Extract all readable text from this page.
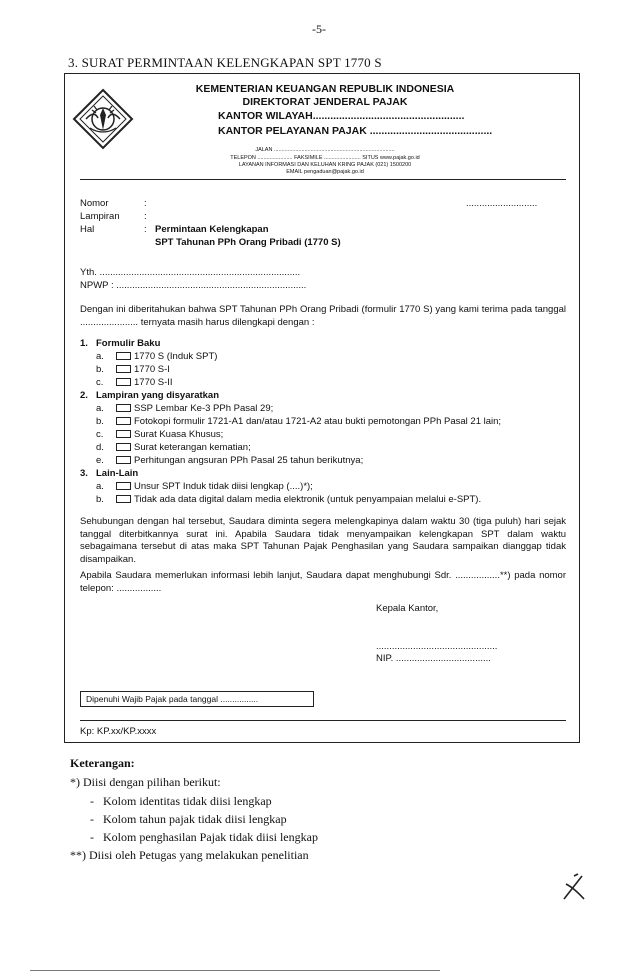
-5-
3. SURAT PERMINTAAN KELENGKAPAN SPT 1770 S
KEMENTERIAN KEUANGAN REPUBLIK INDONESIA
DIREKTORAT JENDERAL PAJAK
KANTOR WILAYAH....................................................
KANTOR PELAYANAN PAJAK ..........................................
JALAN ...............................................................................
TELEPON ....................... FAKSIMILE ........................ SITUS www.pajak.go.id
LAYANAN INFORMASI DAN KELUHAN KRING PAJAK (021) 1500200
EMAIL pengaduan@pajak.go.id
Nomor	:	...........................
Lampiran	:
Hal	: Permintaan Kelengkapan
SPT Tahunan PPh Orang Pribadi (1770 S)
Yth. ............................................................................
NPWP : ........................................................................
Dengan ini diberitahukan bahwa SPT Tahunan PPh Orang Pribadi (formulir 1770 S) yang kami terima pada tanggal ...................... ternyata masih harus dilengkapi dengan :
1. Formulir Baku
a.	1770 S (Induk SPT)
b.	1770 S-I
c.	1770 S-II
2. Lampiran yang disyaratkan
a.	SSP Lembar Ke-3 PPh Pasal 29;
b.	Fotokopi formulir 1721-A1 dan/atau 1721-A2 atau bukti pemotongan PPh Pasal 21 lain;
c.	Surat Kuasa Khusus;
d.	Surat keterangan kematian;
e.	Perhitungan angsuran PPh Pasal 25 tahun berikutnya;
3. Lain-Lain
a.	Unsur SPT Induk tidak diisi lengkap (....)*);
b.	Tidak ada data digital dalam media elektronik (untuk penyampaian melalui e-SPT).
Sehubungan dengan hal tersebut, Saudara diminta segera melengkapinya dalam waktu 30 (tiga puluh) hari sejak tanggal diterbitkannya surat ini. Apabila Saudara tidak menyampaikan kelengkapan SPT dalam waktu sebagaimana tersebut di atas maka SPT Tahunan Pajak Penghasilan yang Saudara sampaikan dianggap tidak disampaikan.
Apabila Saudara memerlukan informasi lebih lanjut, Saudara dapat menghubungi Sdr. .................**) pada nomor telepon: .................
Kepala Kantor,
..............................................
NIP. ....................................
Dipenuhi Wajib Pajak pada tanggal ................
Kp: KP.xx/KP.xxxx
Keterangan:
*) Diisi dengan pilihan berikut:
-   Kolom identitas tidak diisi lengkap
-   Kolom tahun pajak tidak diisi lengkap
-   Kolom penghasilan Pajak tidak diisi lengkap
**) Diisi oleh Petugas yang melakukan penelitian
